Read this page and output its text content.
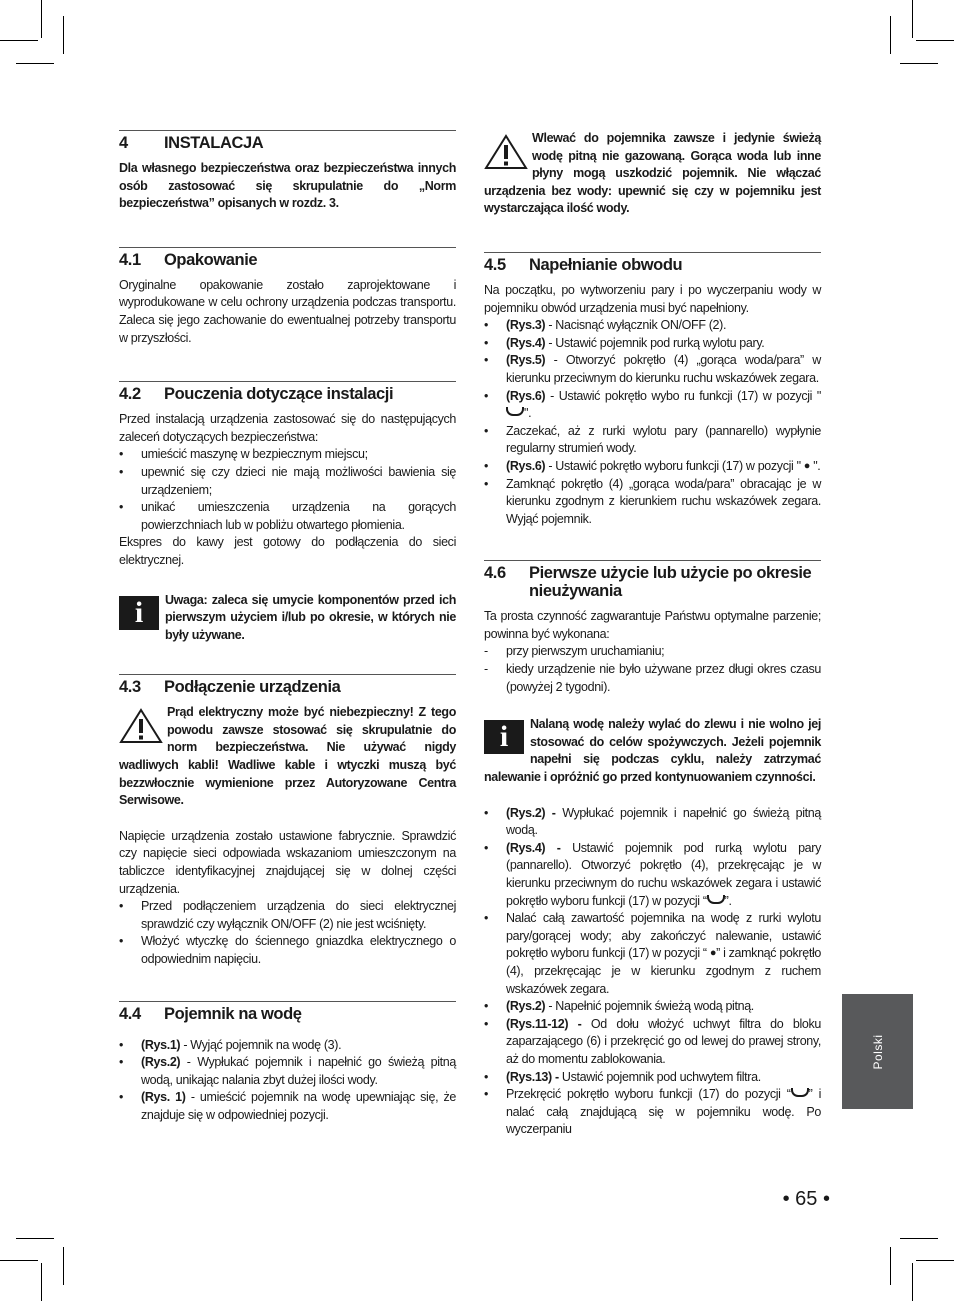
4	INSTALACJA

Dla własnego bezpieczeństwa oraz bezpieczeństwa innych osób zastosować się skrupulatnie do „Norm bezpieczeństwa” opisanych w rozdz. 3.

4.1	Opakowanie

Oryginalne opakowanie zostało zaprojektowane i wyprodukowane w celu ochrony urządzenia podczas transportu. Zaleca się jego zachowanie do ewentualnej potrzeby transportu w przyszłości.

4.2	Pouczenia dotyczące instalacji

Przed instalacją urządzenia zastosować się do następujących zaleceń dotyczących bezpieczeństwa:

• umieścić maszynę w bezpiecznym miejscu;
• upewnić się czy dzieci nie mają możliwości bawienia się urządzeniem;
• unikać umieszczenia urządzenia na gorących powierzchniach lub w pobliżu otwartego płomienia.

Ekspres do kawy jest gotowy do podłączenia do sieci elektrycznej.

i	Uwaga: zaleca się umycie komponentów przed ich pierwszym użyciem i/lub po okresie, w których nie były używane.

4.3	Podłączenie urządzenia

Prąd elektryczny może być niebezpieczny! Z tego powodu zawsze stosować się skrupulatnie do norm bezpieczeństwa. Nie używać nigdy wadliwych kabli! Wadliwe kable i wtyczki muszą być bezzwłocznie wymienione przez Autoryzowane Centra Serwisowe.

Napięcie urządzenia zostało ustawione fabrycznie. Sprawdzić czy napięcie sieci odpowiada wskazaniom umieszczonym na tabliczce identyfikacyjnej znajdującej się w dolnej części urządzenia.

• Przed podłączeniem urządzenia do sieci elektrycznej sprawdzić czy wyłącznik ON/OFF (2) nie jest wciśnięty.
• Włożyć wtyczkę do ściennego gniazdka elektrycznego o odpowiednim napięciu.
4.4	Pojemnik na wodę
• (Rys.1) - Wyjąć pojemnik na wodę (3).
• (Rys.2) - Wypłukać pojemnik i napełnić go świeżą pitną wodą, unikając nalania zbyt dużej ilości wody.
• (Rys. 1) - umieścić pojemnik na wodę upewniając się, że znajduje się w odpowiedniej pozycji.

Wlewać do pojemnika zawsze i jedynie świeżą wodę pitną nie gazowaną. Gorąca woda lub inne płyny mogą uszkodzić pojemnik. Nie włączać urządzenia bez wody: upewnić się czy w pojemniku jest wystarczająca ilość wody.

4.5	Napełnianie obwodu

Na początku, po wytworzeniu pary i po wyczerpaniu wody w pojemniku obwód urządzenia musi być napełniony.

• (Rys.3) - Nacisnąć wyłącznik ON/OFF (2).
• (Rys.4) - Ustawić pojemnik pod rurką wylotu pary.
• (Rys.5) - Otworzyć pokrętło (4) „gorąca woda/para” w kierunku przeciwnym do kierunku ruchu wskazówek zegara.
• (Rys.6) - Ustawić pokrętło wybo ru funkcji (17) w pozycji "".
• Zaczekać, aż z rurki wylotu pary (pannarello) wypłynie regularny strumień wody.
• (Rys.6) - Ustawić pokrętło wyboru funkcji (17) w pozycji " ● ".
• Zamknąć pokrętło (4) „gorąca woda/para” obracając je w kierunku zgodnym z kierunkiem ruchu wskazówek zegara. Wyjąć pojemnik.
4.6	Pierwsze użycie lub użycie po okresie nieużywania

Ta prosta czynność zagwarantuje Państwu optymalne parzenie; powinna być wykonana:

- przy pierwszym uruchamianiu;
- kiedy urządzenie nie było używane przez długi okres czasu (powyżej 2 tygodni).
i	Nalaną wodę należy wylać do zlewu i nie wolno jej stosować do celów spożywczych. Jeżeli pojemnik napełni się podczas cyklu, należy zatrzymać nalewanie i opróżnić go przed kontynuowaniem czynności.

• (Rys.2) - Wypłukać pojemnik i napełnić go świeżą pitną wodą.
• (Rys.4) - Ustawić pojemnik pod rurką wylotu pary (pannarello). Otworzyć pokrętło (4), przekręcając je w kierunku przeciwnym do ruchu wskazówek zegara i ustawić pokrętło wyboru funkcji (17) w pozycji “ ”.
• Nalać całą zawartość pojemnika na wodę z rurki wylotu pary/gorącej wody; aby zakończyć nalewanie, ustawić pokrętło wyboru funkcji (17) w pozycji “ ●” i zamknąć pokrętło (4), przekręcając je w kierunku zgodnym z ruchem wskazówek zegara.
• (Rys.2) - Napełnić pojemnik świeżą wodą pitną.
• (Rys.11-12) - Od dołu włożyć uchwyt filtra do bloku zaparzającego (6) i przekręcić go od lewej do prawej strony, aż do momentu zablokowania.
• (Rys.13) - Ustawić pojemnik pod uchwytem filtra.
• Przekręcić pokrętło wyboru funkcji (17) do pozycji “ ” i nalać całą znajdującą się w pojemniku wodę. Po wyczerpaniu
Polski
• 65 •
